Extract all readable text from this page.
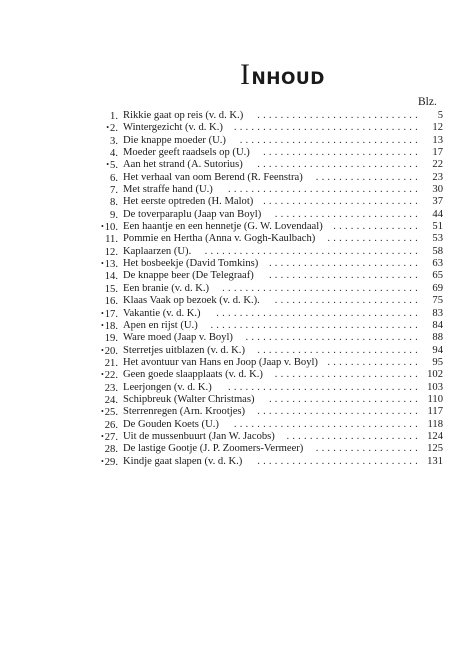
INHOUD
Blz.
1. Rikkie gaat op reis (v. d. K.) ............................ 5
•2. Wintergezicht (v. d. K.) ................................ 12
3. Die knappe moeder (U.) ............................... 13
4. Moeder geeft raadsels op (U.) ........................... 17
•5. Aan het strand (A. Sutorius) ............................ 22
6. Het verhaal van oom Berend (R. Feenstra) .................. 23
7. Met straffe hand (U.) ................................. 30
8. Het eerste optreden (H. Malot) ........................... 37
9. De toverparaplu (Jaap van Boyl) ......................... 44
•10. Een haantje en een hennetje (G. W. Lovendaal) ............... 51
11. Pommie en Hertha (Anna v. Gogh-Kaulbach) ................ 53
12. Kaplaarzen (U). ..................................... 58
•13. Het bosbeekje (David Tomkins) .......................... 63
14. De knappe beer (De Telegraaf) .......................... 65
15. Een branie (v. d. K.) .................................. 69
16. Klaas Vaak op bezoek (v. d. K.). ......................... 75
•17. Vakantie (v. d. K.) ................................... 83
•18. Apen en rijst (U.) .................................... 84
19. Ware moed (Jaap v. Boyl) .............................. 88
•20. Sterretjes uitblazen (v. d. K.) ............................ 94
21. Het avontuur van Hans en Joop (Jaap v. Boyl) ................ 95
•22. Geen goede slaapplaats (v. d. K.) ......................... 102
23. Leerjongen (v. d. K.) ................................. 103
24. Schipbreuk (Walter Christmas) .......................... 110
•25. Sterrenregen (Arn. Krootjes) ............................ 117
26. De Gouden Koets (U.) ................................ 118
•27. Uit de mussenbuurt (Jan W. Jacobs) ....................... 124
28. De lastige Gootje (J. P. Zoomers-Vermeer) .................. 125
•29. Kindje gaat slapen (v. d. K.) ............................ 131
